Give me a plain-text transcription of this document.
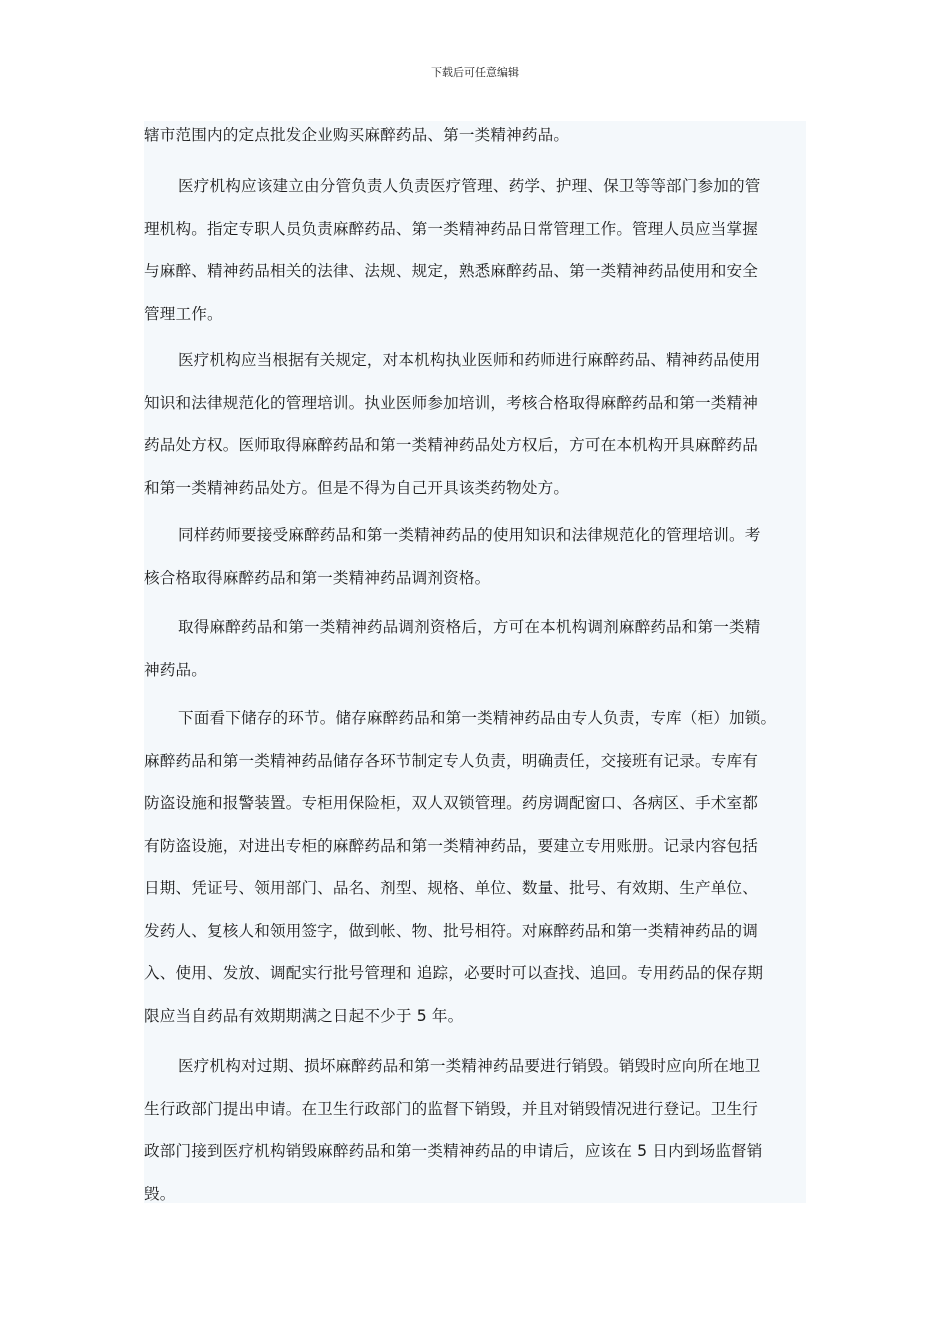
下载后可任意编辑
辖市范围内的定点批发企业购买麻醉药品、第一类精神药品。
医疗机构应该建立由分管负责人负责医疗管理、药学、护理、保卫等等部门参加的管
理机构。指定专职人员负责麻醉药品、第一类精神药品日常管理工作。管理人员应当掌握
与麻醉、精神药品相关的法律、法规、规定，熟悉麻醉药品、第一类精神药品使用和安全
管理工作。
医疗机构应当根据有关规定，对本机构执业医师和药师进行麻醉药品、精神药品使用
知识和法律规范化的管理培训。执业医师参加培训，考核合格取得麻醉药品和第一类精神
药品处方权。医师取得麻醉药品和第一类精神药品处方权后，方可在本机构开具麻醉药品
和第一类精神药品处方。但是不得为自己开具该类药物处方。
同样药师要接受麻醉药品和第一类精神药品的使用知识和法律规范化的管理培训。考
核合格取得麻醉药品和第一类精神药品调剂资格。
取得麻醉药品和第一类精神药品调剂资格后，方可在本机构调剂麻醉药品和第一类精
神药品。
下面看下储存的环节。储存麻醉药品和第一类精神药品由专人负责，专库（柜）加锁。
麻醉药品和第一类精神药品储存各环节制定专人负责，明确责任，交接班有记录。专库有
防盗设施和报警装置。专柜用保险柜，双人双锁管理。药房调配窗口、各病区、手术室都
有防盗设施，对进出专柜的麻醉药品和第一类精神药品，要建立专用账册。记录内容包括
日期、凭证号、领用部门、品名、剂型、规格、单位、数量、批号、有效期、生产单位、
发药人、复核人和领用签字，做到帐、物、批号相符。对麻醉药品和第一类精神药品的调
入、使用、发放、调配实行批号管理和 追踪，必要时可以查找、追回。专用药品的保存期
限应当自药品有效期期满之日起不少于 5 年。
医疗机构对过期、损坏麻醉药品和第一类精神药品要进行销毁。销毁时应向所在地卫
生行政部门提出申请。在卫生行政部门的监督下销毁，并且对销毁情况进行登记。卫生行
政部门接到医疗机构销毁麻醉药品和第一类精神药品的申请后，应该在 5 日内到场监督销
毁。
